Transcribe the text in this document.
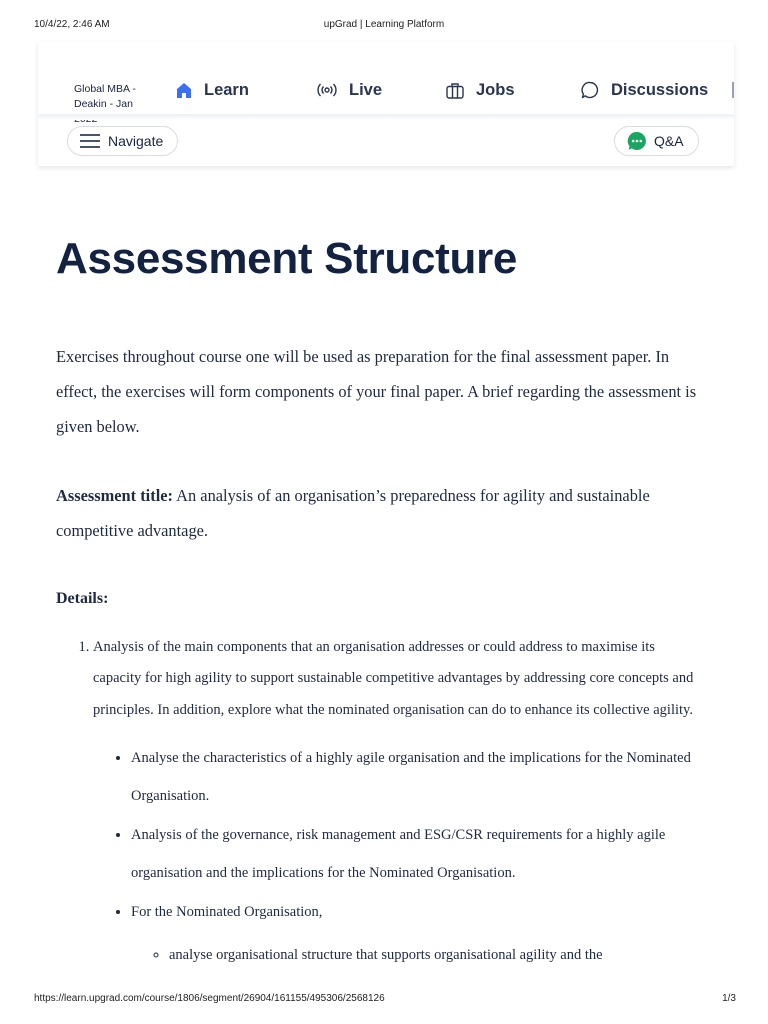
10/4/22, 2:46 AM	upGrad | Learning Platform
Global MBA - Deakin - Jan
Learn	Live	Jobs	Discussions
Navigate	Q&A
Assessment Structure

Exercises throughout course one will be used as preparation for the final assessment paper. In effect, the exercises will form components of your final paper. A brief regarding the assessment is given below.

Assessment title: An analysis of an organisation’s preparedness for agility and sustainable competitive advantage.

Details:

1. Analysis of the main components that an organisation addresses or could address to maximise its capacity for high agility to support sustainable competitive advantages by addressing core concepts and principles. In addition, explore what the nominated organisation can do to enhance its collective agility.
• Analyse the characteristics of a highly agile organisation and the implications for the Nominated Organisation.
• Analysis of the governance, risk management and ESG/CSR requirements for a highly agile organisation and the implications for the Nominated Organisation.
• For the Nominated Organisation,
◦ analyse organisational structure that supports organisational agility and the
https://learn.upgrad.com/course/1806/segment/26904/161155/495306/2568126	1/3
